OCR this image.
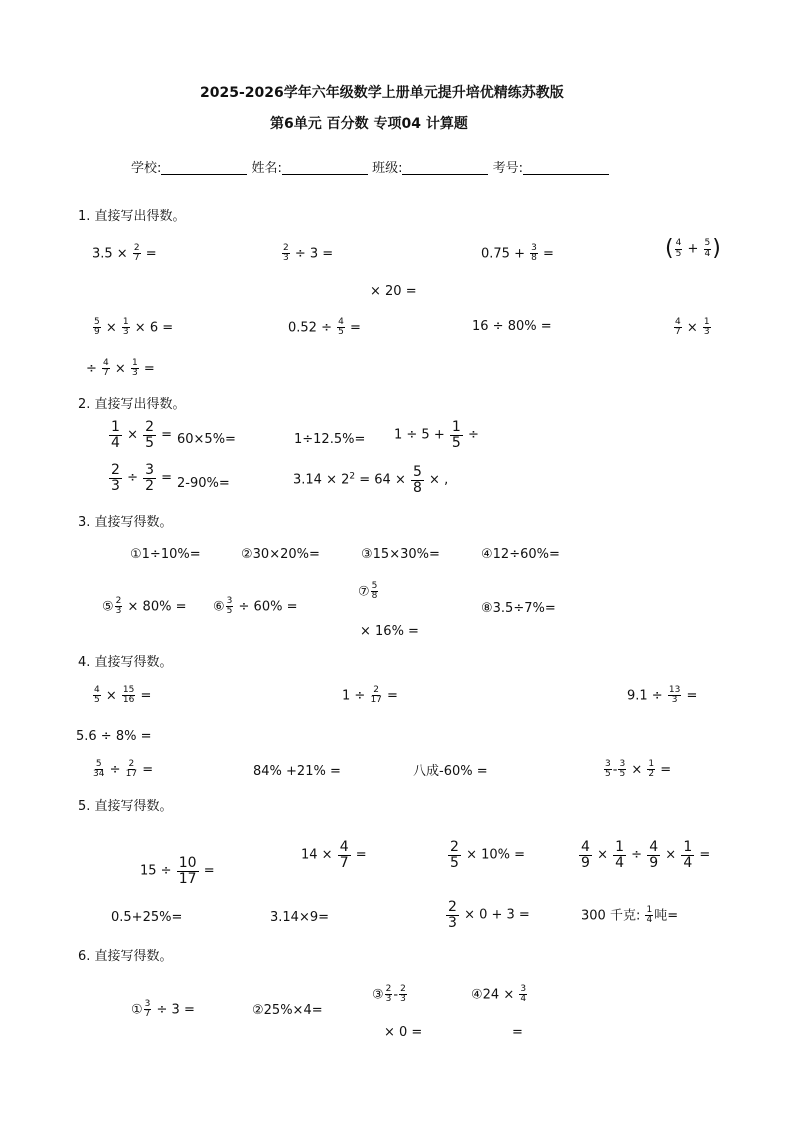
2025-2026学年六年级数学上册单元提升培优精练苏教版
第6单元 百分数 专项04 计算题
学校:	姓名:	班级:	考号:
1. 直接写出得数。
$3.5 \times \frac{2}{7}$ =	$\frac{2}{3} \div 3$ =	$0.75 + \frac{3}{8}$ =	( $\frac{4}{5} + \frac{5}{4}$ )
× 20 =
$\frac{5}{9} \times \frac{1}{3} \times 6$ =	$0.52 \div \frac{4}{5}$ =	16 ÷ 80% =	$\frac{4}{7} \times \frac{1}{3}$
÷ $\frac{4}{7} \times \frac{1}{3}$ =
2. 直接写出得数。
$\frac{1}{4} \times \frac{2}{5} = 60\times 5\%=$	$1\div 12.5\%= 1 \div 5 + \frac{1}{5}$ ÷
$\frac{2}{3} \div \frac{3}{2} = 2-90\%=$	$3.14 \times 2^2 = 64 \times \frac{5}{8}$ × ,
3. 直接写得数。
①1÷10%=	②30×20%=	③15×30%=	④12÷60%=
⑤ $\frac{2}{3} \times 80\%$ = ⑥ $\frac{3}{5} \div 60\%$ =
⑦ $\frac{5}{8}$
× 16% =
⑧3.5÷7%=
4. 直接写得数。
$\frac{4}{5} \times \frac{15}{16}$ =	$1 \div \frac{2}{17}$ =	$9.1 \div \frac{13}{3}$ =
5.6 ÷ 8% =
$\frac{5}{34} \div \frac{2}{17}$ =	84% +21% =	八成-60% =	$\frac{3}{5} - \frac{3}{5} \times \frac{1}{2}$ =
5. 直接写得数。
$15 \div \frac{10}{17}$ =
$14 \times \frac{4}{7}$ =	$\frac{2}{5} \times 10\%$ =	$\frac{4}{9} \times \frac{1}{4} \div \frac{4}{9} \times \frac{1}{4}$ =
0.5+25%=	3.14×9=	$\frac{2}{3} \times 0 + 3$ =	300 千克: $\frac{1}{4}$ 吨=
6. 直接写得数。
① $\frac{3}{7} \div 3$ =	②25%×4=
③ $\frac{2}{3} - \frac{2}{3}$
× 0 =
④24 × $\frac{3}{4}$
=
